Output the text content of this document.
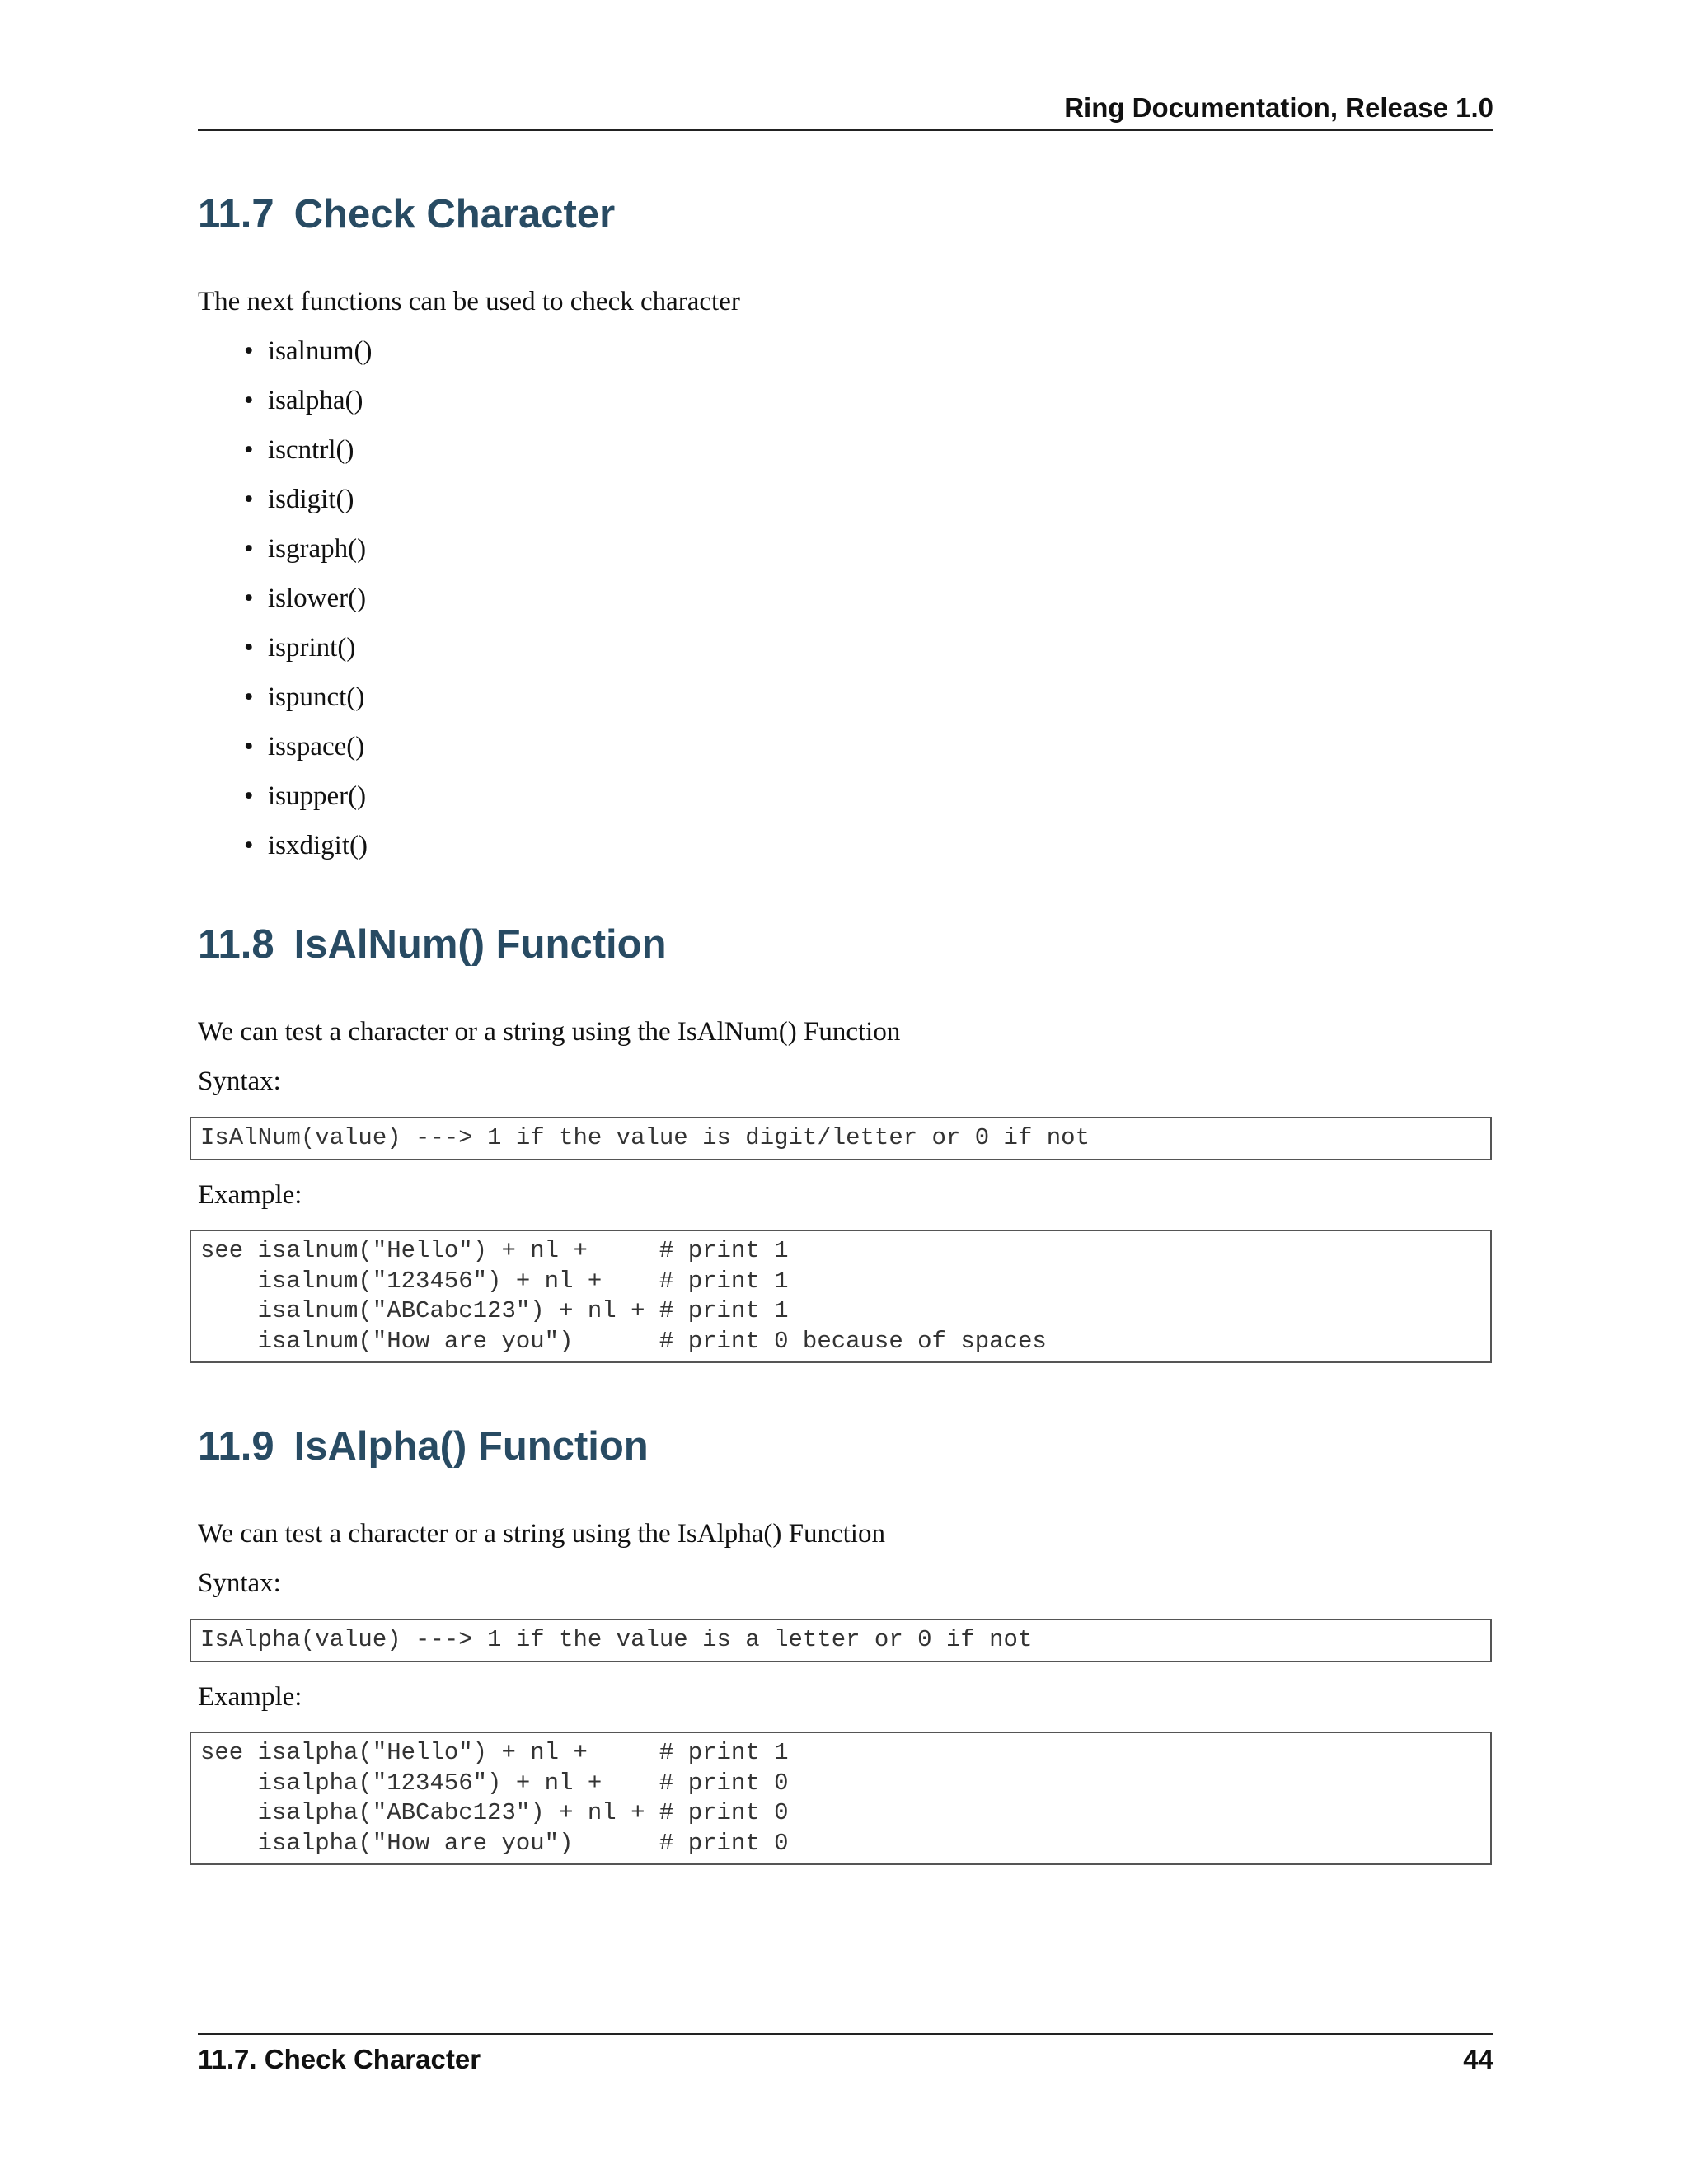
Ring Documentation, Release 1.0
11.7 Check Character

The next functions can be used to check character

• isalnum()
• isalpha()
• iscntrl()
• isdigit()
• isgraph()
• islower()
• isprint()
• ispunct()
• isspace()
• isupper()
• isxdigit()
11.8 IsAlNum() Function

We can test a character or a string using the IsAlNum() Function

Syntax:

IsAlNum(value) ---> 1 if the value is digit/letter or 0 if not

Example:

see isalnum("Hello") + nl +     # print 1
isalnum("123456") + nl +    # print 1
isalnum("ABCabc123") + nl + # print 1
isalnum("How are you")      # print 0 because of spaces
11.9 IsAlpha() Function

We can test a character or a string using the IsAlpha() Function

Syntax:

IsAlpha(value) ---> 1 if the value is a letter or 0 if not

Example:

see isalpha("Hello") + nl +     # print 1
isalpha("123456") + nl +    # print 0
isalpha("ABCabc123") + nl + # print 0
isalpha("How are you")      # print 0
11.7. Check Character	44
